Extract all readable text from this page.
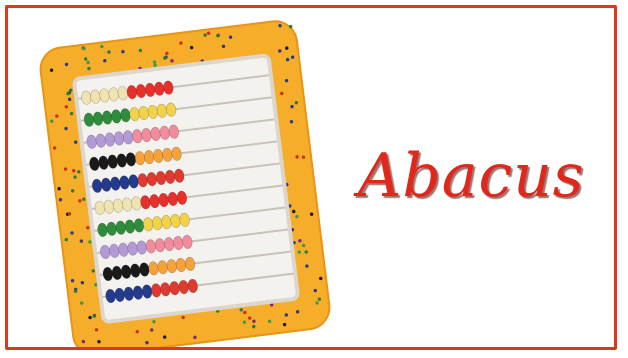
Abacus
